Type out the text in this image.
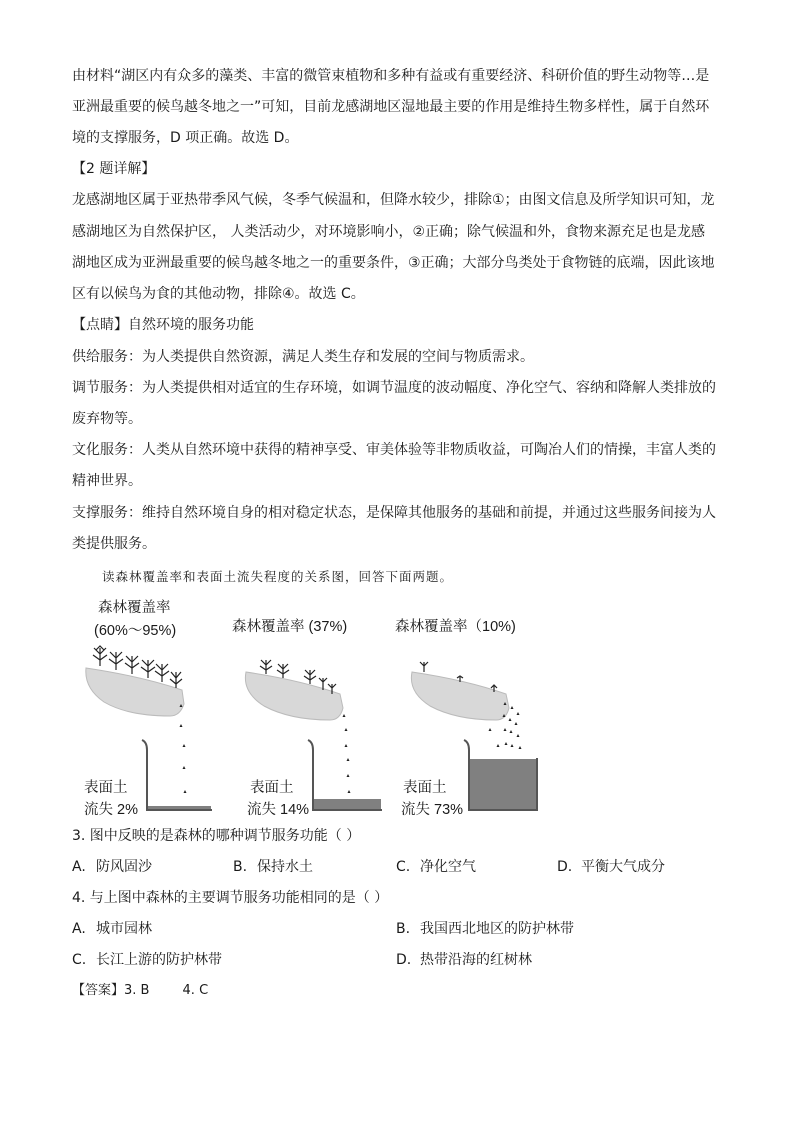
由材料“湖区内有众多的藻类、丰富的微管束植物和多种有益或有重要经济、科研价值的野生动物等…是
亚洲最重要的候鸟越冬地之一”可知，目前龙感湖地区湿地最主要的作用是维持生物多样性，属于自然环
境的支撑服务，D 项正确。故选 D。
【2 题详解】
龙感湖地区属于亚热带季风气候，冬季气候温和，但降水较少，排除①；由图文信息及所学知识可知，龙
感湖地区为自然保护区， 人类活动少，对环境影响小，②正确；除气候温和外，食物来源充足也是龙感
湖地区成为亚洲最重要的候鸟越冬地之一的重要条件，③正确；大部分鸟类处于食物链的底端，因此该地
区有以候鸟为食的其他动物，排除④。故选 C。
【点睛】自然环境的服务功能
供给服务：为人类提供自然资源，满足人类生存和发展的空间与物质需求。
调节服务：为人类提供相对适宜的生存环境，如调节温度的波动幅度、净化空气、容纳和降解人类排放的
废弃物等。
文化服务：人类从自然环境中获得的精神享受、审美体验等非物质收益，可陶冶人们的情操，丰富人类的
精神世界。
支撑服务：维持自然环境自身的相对稳定状态，是保障其他服务的基础和前提，并通过这些服务间接为人
类提供服务。
读森林覆盖率和表面土流失程度的关系图，回答下面两题。
森林覆盖率
(60%～95%)	森林覆盖率 (37%)	森林覆盖率（10%)
表面土
流失 2%
表面土
流失 14%
表面土
流失 73%
3. 图中反映的是森林的哪种调节服务功能（ ）
A. 防风固沙	B. 保持水土	C. 净化空气	D. 平衡大气成分
4. 与上图中森林的主要调节服务功能相同的是（ ）
A. 城市园林	B. 我国西北地区的防护林带
C. 长江上游的防护林带	D. 热带沿海的红树林
【答案】3. B        4. C
